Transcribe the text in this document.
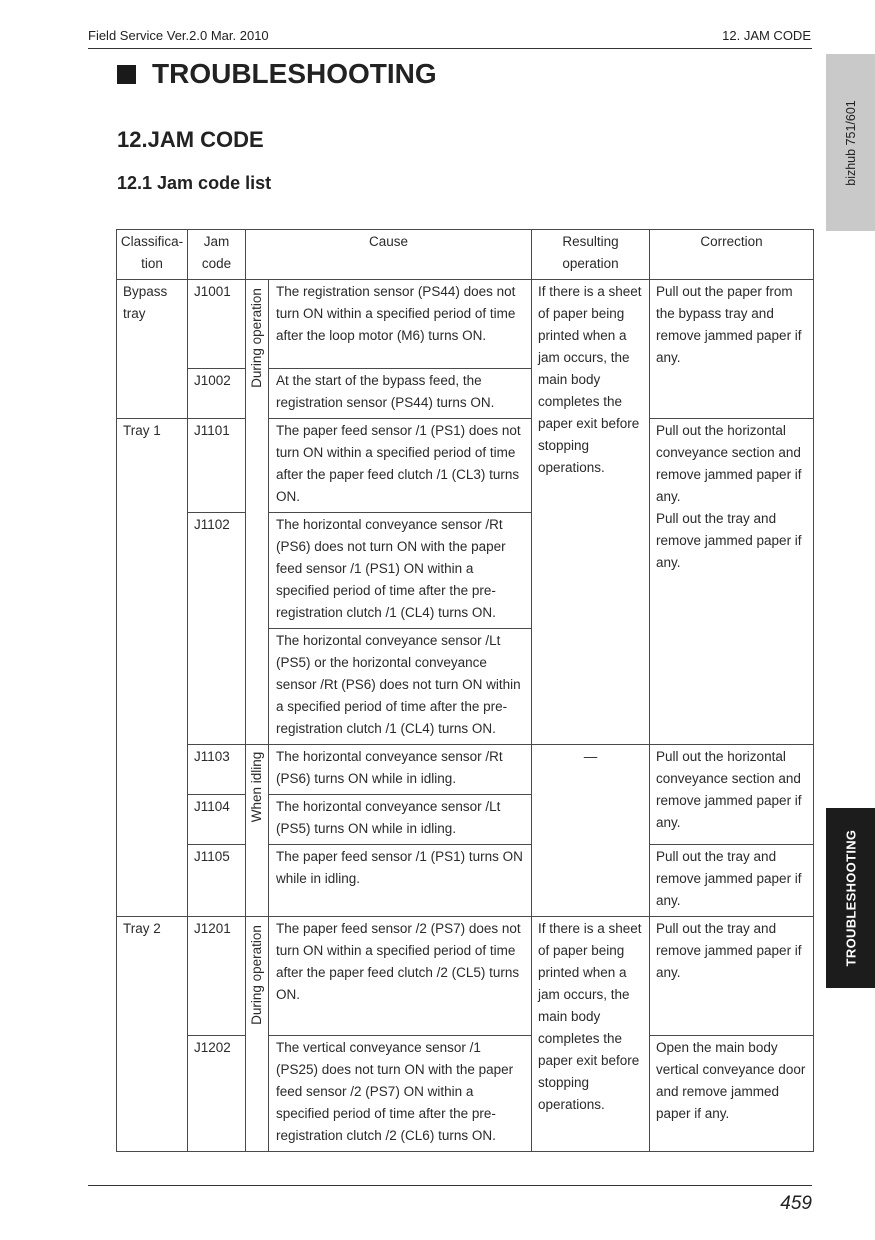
Field Service Ver.2.0 Mar. 2010	12. JAM CODE
bizhub 751/601
TROUBLESHOOTING
TROUBLESHOOTING
12.JAM CODE
12.1 Jam code list
Classifica-tion	Jam code	Cause		Resulting operation	Correction
Bypass tray	J1001	During operation	The registration sensor (PS44) does not turn ON within a specified period of time after the loop motor (M6) turns ON.	If there is a sheet of paper being printed when a jam occurs, the main body completes the paper exit before stopping operations.	Pull out the paper from the bypass tray and remove jammed paper if any.
	J1002		At the start of the bypass feed, the registration sensor (PS44) turns ON.		
Tray 1	J1101		The paper feed sensor /1 (PS1) does not turn ON within a specified period of time after the paper feed clutch /1 (CL3) turns ON.		Pull out the horizontal conveyance section and remove jammed paper if any.
Pull out the tray and remove jammed paper if any.

	J1102		The horizontal conveyance sensor /Rt (PS6) does not turn ON with the paper feed sensor /1 (PS1) ON within a specified period of time after the pre-registration clutch /1 (CL4) turns ON.		
			The horizontal conveyance sensor /Lt (PS5) or the horizontal conveyance sensor /Rt (PS6) does not turn ON within a specified period of time after the pre-registration clutch /1 (CL4) turns ON.		
	J1103	When idling	The horizontal conveyance sensor /Rt (PS6) turns ON while in idling.	—	Pull out the horizontal conveyance section and remove jammed paper if any.
	J1104		The horizontal conveyance sensor /Lt (PS5) turns ON while in idling.		
	J1105		The paper feed sensor /1 (PS1) turns ON while in idling.		Pull out the tray and remove jammed paper if any.
Tray 2	J1201	During operation	The paper feed sensor /2 (PS7) does not turn ON within a specified period of time after the paper feed clutch /2 (CL5) turns ON.	If there is a sheet of paper being printed when a jam occurs, the main body completes the paper exit before stopping operations.	Pull out the tray and remove jammed paper if any.
	J1202		The vertical conveyance sensor /1 (PS25) does not turn ON with the paper feed sensor /2 (PS7) ON within a specified period of time after the pre-registration clutch /2 (CL6) turns ON.		Open the main body vertical conveyance door and remove jammed paper if any.
459
